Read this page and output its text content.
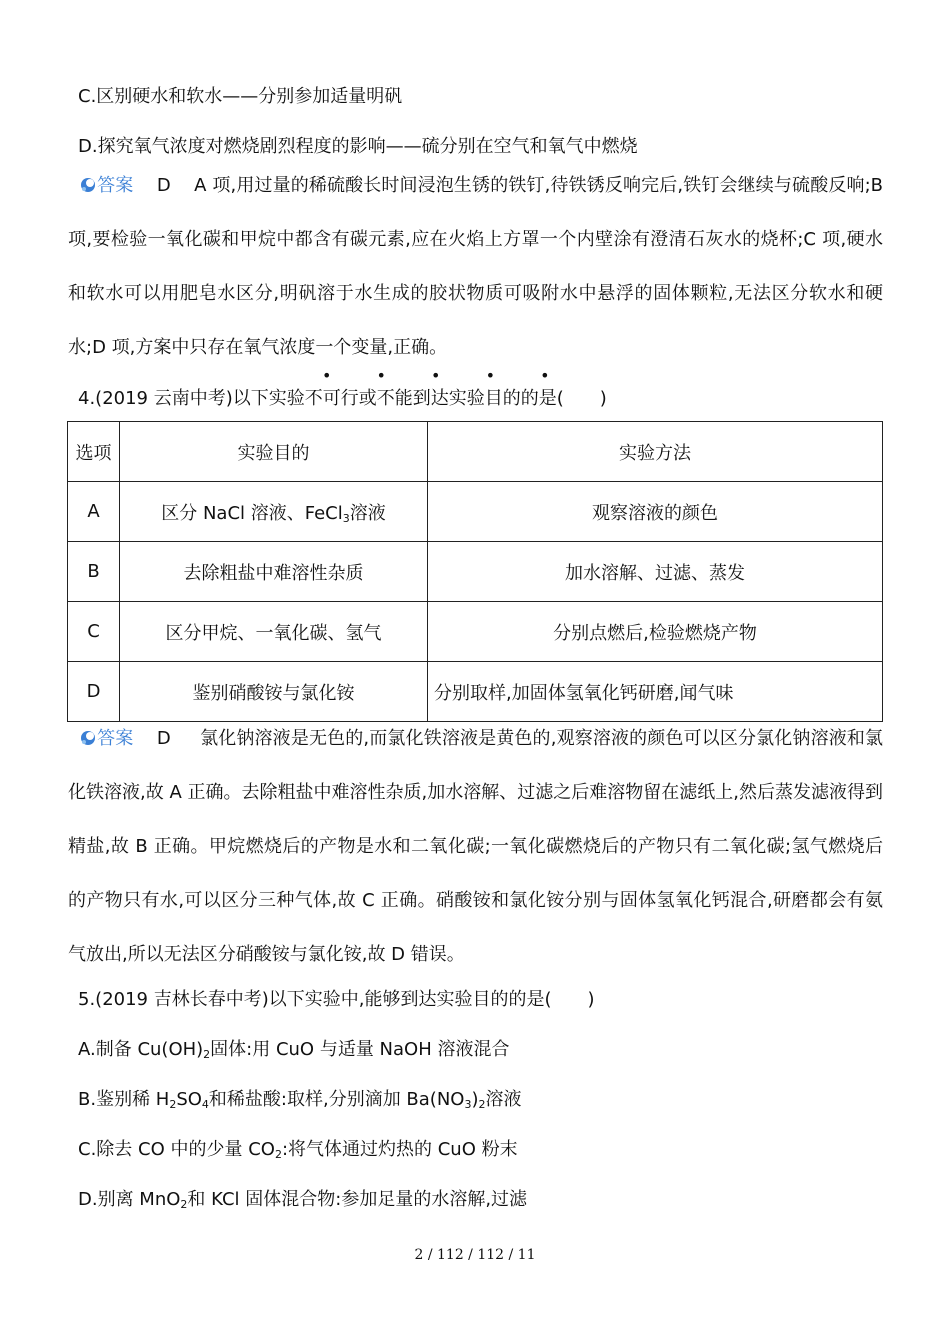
C.区别硬水和软水——分别参加适量明矾
D.探究氧气浓度对燃烧剧烈程度的影响——硫分别在空气和氧气中燃烧
答案 D A 项,用过量的稀硫酸长时间浸泡生锈的铁钉,待铁锈反响完后,铁钉会继续与硫酸反响;B 项,要检验一氧化碳和甲烷中都含有碳元素,应在火焰上方罩一个内壁涂有澄清石灰水的烧杯;C 项,硬水和软水可以用肥皂水区分,明矾溶于水生成的胶状物质可吸附水中悬浮的固体颗粒,无法区分软水和硬水;D 项,方案中只存在氧气浓度一个变量,正确。
• • • • •
4.(2019 云南中考)以下实验不可行或不能到达实验目的的是(　　)
选项	实验目的	实验方法
A	区分 NaCl 溶液、FeCl$_3$溶液	观察溶液的颜色
B	去除粗盐中难溶性杂质	加水溶解、过滤、蒸发
C	区分甲烷、一氧化碳、氢气	分别点燃后,检验燃烧产物
D	鉴别硝酸铵与氯化铵	分别取样,加固体氢氧化钙研磨,闻气味
答案 D 氯化钠溶液是无色的,而氯化铁溶液是黄色的,观察溶液的颜色可以区分氯化钠溶液和氯化铁溶液,故 A 正确。去除粗盐中难溶性杂质,加水溶解、过滤之后难溶物留在滤纸上,然后蒸发滤液得到精盐,故 B 正确。甲烷燃烧后的产物是水和二氧化碳;一氧化碳燃烧后的产物只有二氧化碳;氢气燃烧后的产物只有水,可以区分三种气体,故 C 正确。硝酸铵和氯化铵分别与固体氢氧化钙混合,研磨都会有氨气放出,所以无法区分硝酸铵与氯化铵,故 D 错误。
5.(2019 吉林长春中考)以下实验中,能够到达实验目的的是(　　)
A.制备 $Cu(OH)_2$固体:用 CuO 与适量 NaOH 溶液混合
B.鉴别稀 $H_2SO_4$和稀盐酸:取样,分别滴加 $Ba(NO_3)_2$溶液
C.除去 CO 中的少量 $CO_2$:将气体通过灼热的 CuO 粉末
D.别离 MnO$_2$和 KCl 固体混合物:参加足量的水溶解,过滤
2 / 112 / 112 / 11
